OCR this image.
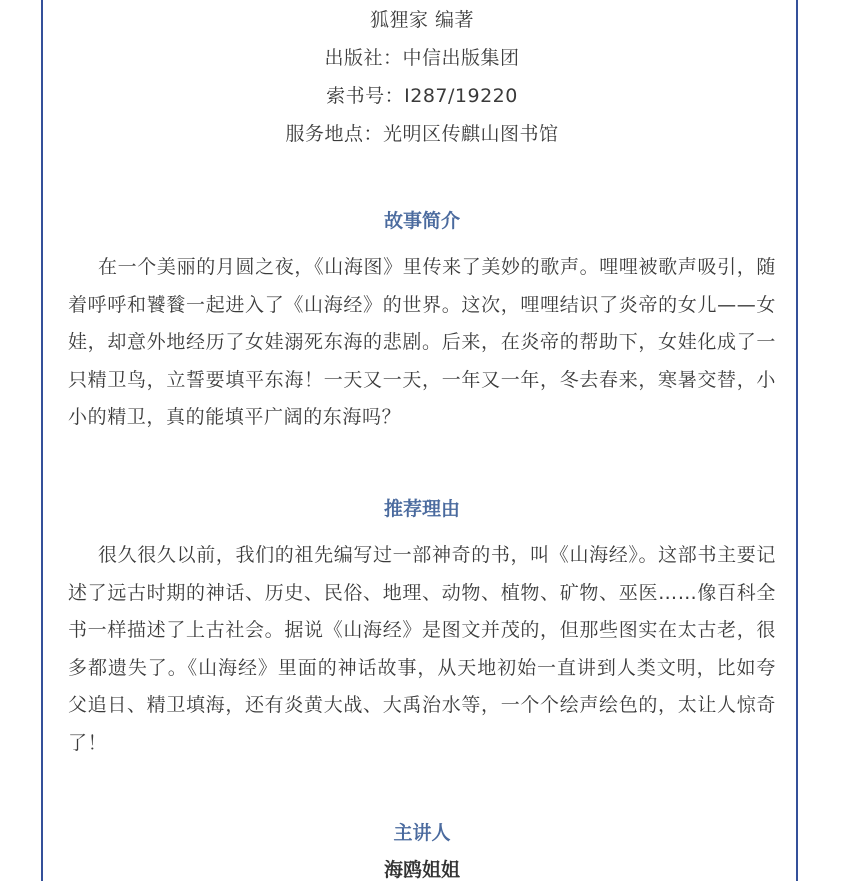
狐狸家 编著
出版社：中信出版集团
索书号：I287/19220
服务地点：光明区传麒山图书馆
故事简介

在一个美丽的月圆之夜，《山海图》里传来了美妙的歌声。哩哩被歌声吸引，随着呼呼和饕餮一起进入了《山海经》的世界。这次，哩哩结识了炎帝的女儿——女娃，却意外地经历了女娃溺死东海的悲剧。后来，在炎帝的帮助下，女娃化成了一只精卫鸟，立誓要填平东海！一天又一天，一年又一年，冬去春来，寒暑交替，小小的精卫，真的能填平广阔的东海吗？

推荐理由

很久很久以前，我们的祖先编写过一部神奇的书，叫《山海经》。这部书主要记述了远古时期的神话、历史、民俗、地理、动物、植物、矿物、巫医……像百科全书一样描述了上古社会。据说《山海经》是图文并茂的，但那些图实在太古老，很多都遗失了。《山海经》里面的神话故事，从天地初始一直讲到人类文明，比如夸父追日、精卫填海，还有炎黄大战、大禹治水等，一个个绘声绘色的，太让人惊奇了！

主讲人
海鸥姐姐
